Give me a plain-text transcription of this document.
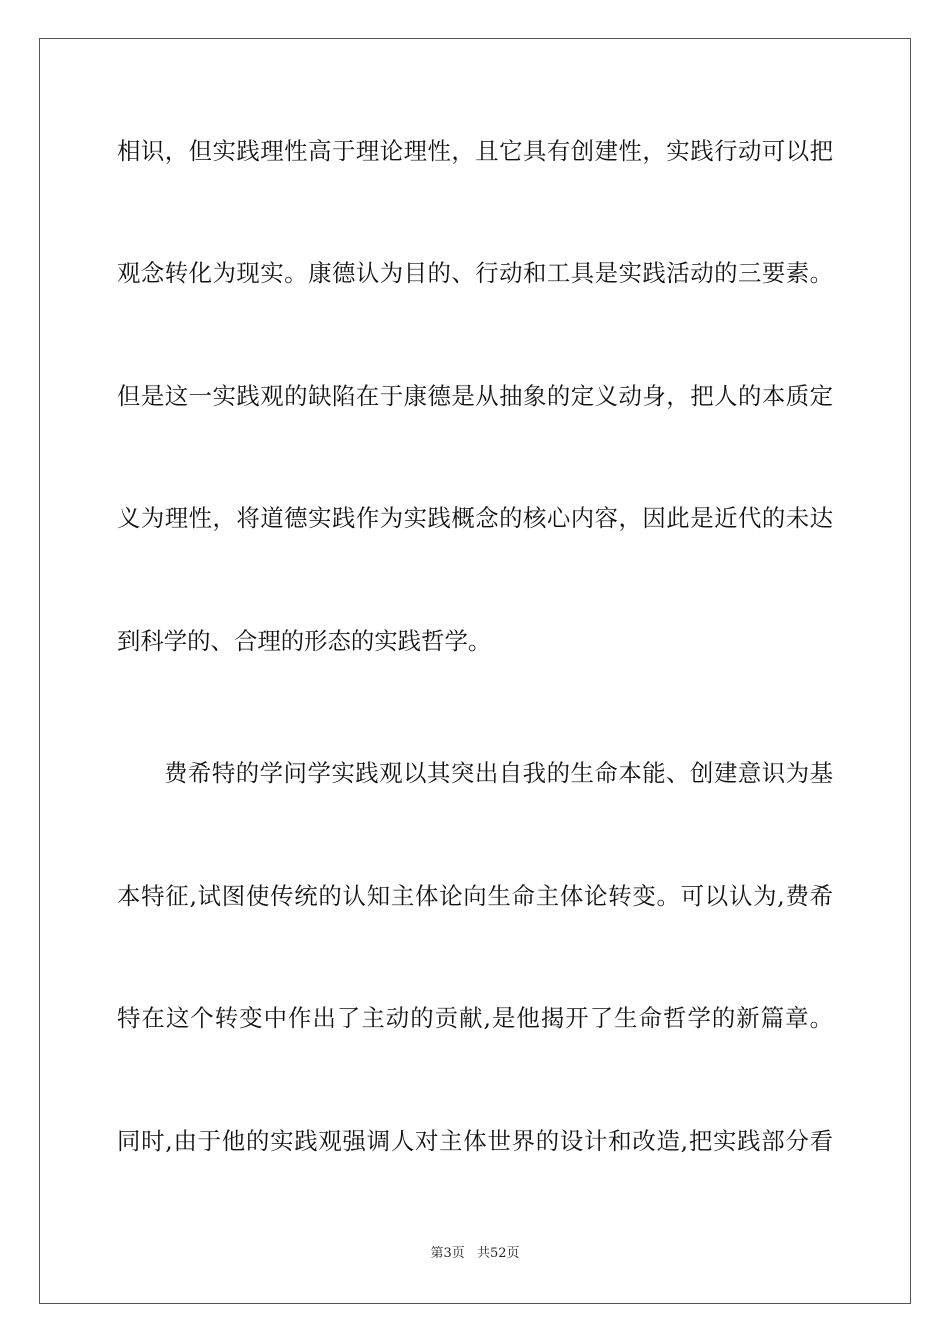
相识，但实践理性高于理论理性，且它具有创建性，实践行动可以把
观念转化为现实。康德认为目的、行动和工具是实践活动的三要素。
但是这一实践观的缺陷在于康德是从抽象的定义动身，把人的本质定
义为理性，将道德实践作为实践概念的核心内容，因此是近代的未达
到科学的、合理的形态的实践哲学。
费希特的学问学实践观以其突出自我的生命本能、创建意识为基
本特征,试图使传统的认知主体论向生命主体论转变。可以认为,费希
特在这个转变中作出了主动的贡献,是他揭开了生命哲学的新篇章。
同时,由于他的实践观强调人对主体世界的设计和改造,把实践部分看
第3页 共52页
